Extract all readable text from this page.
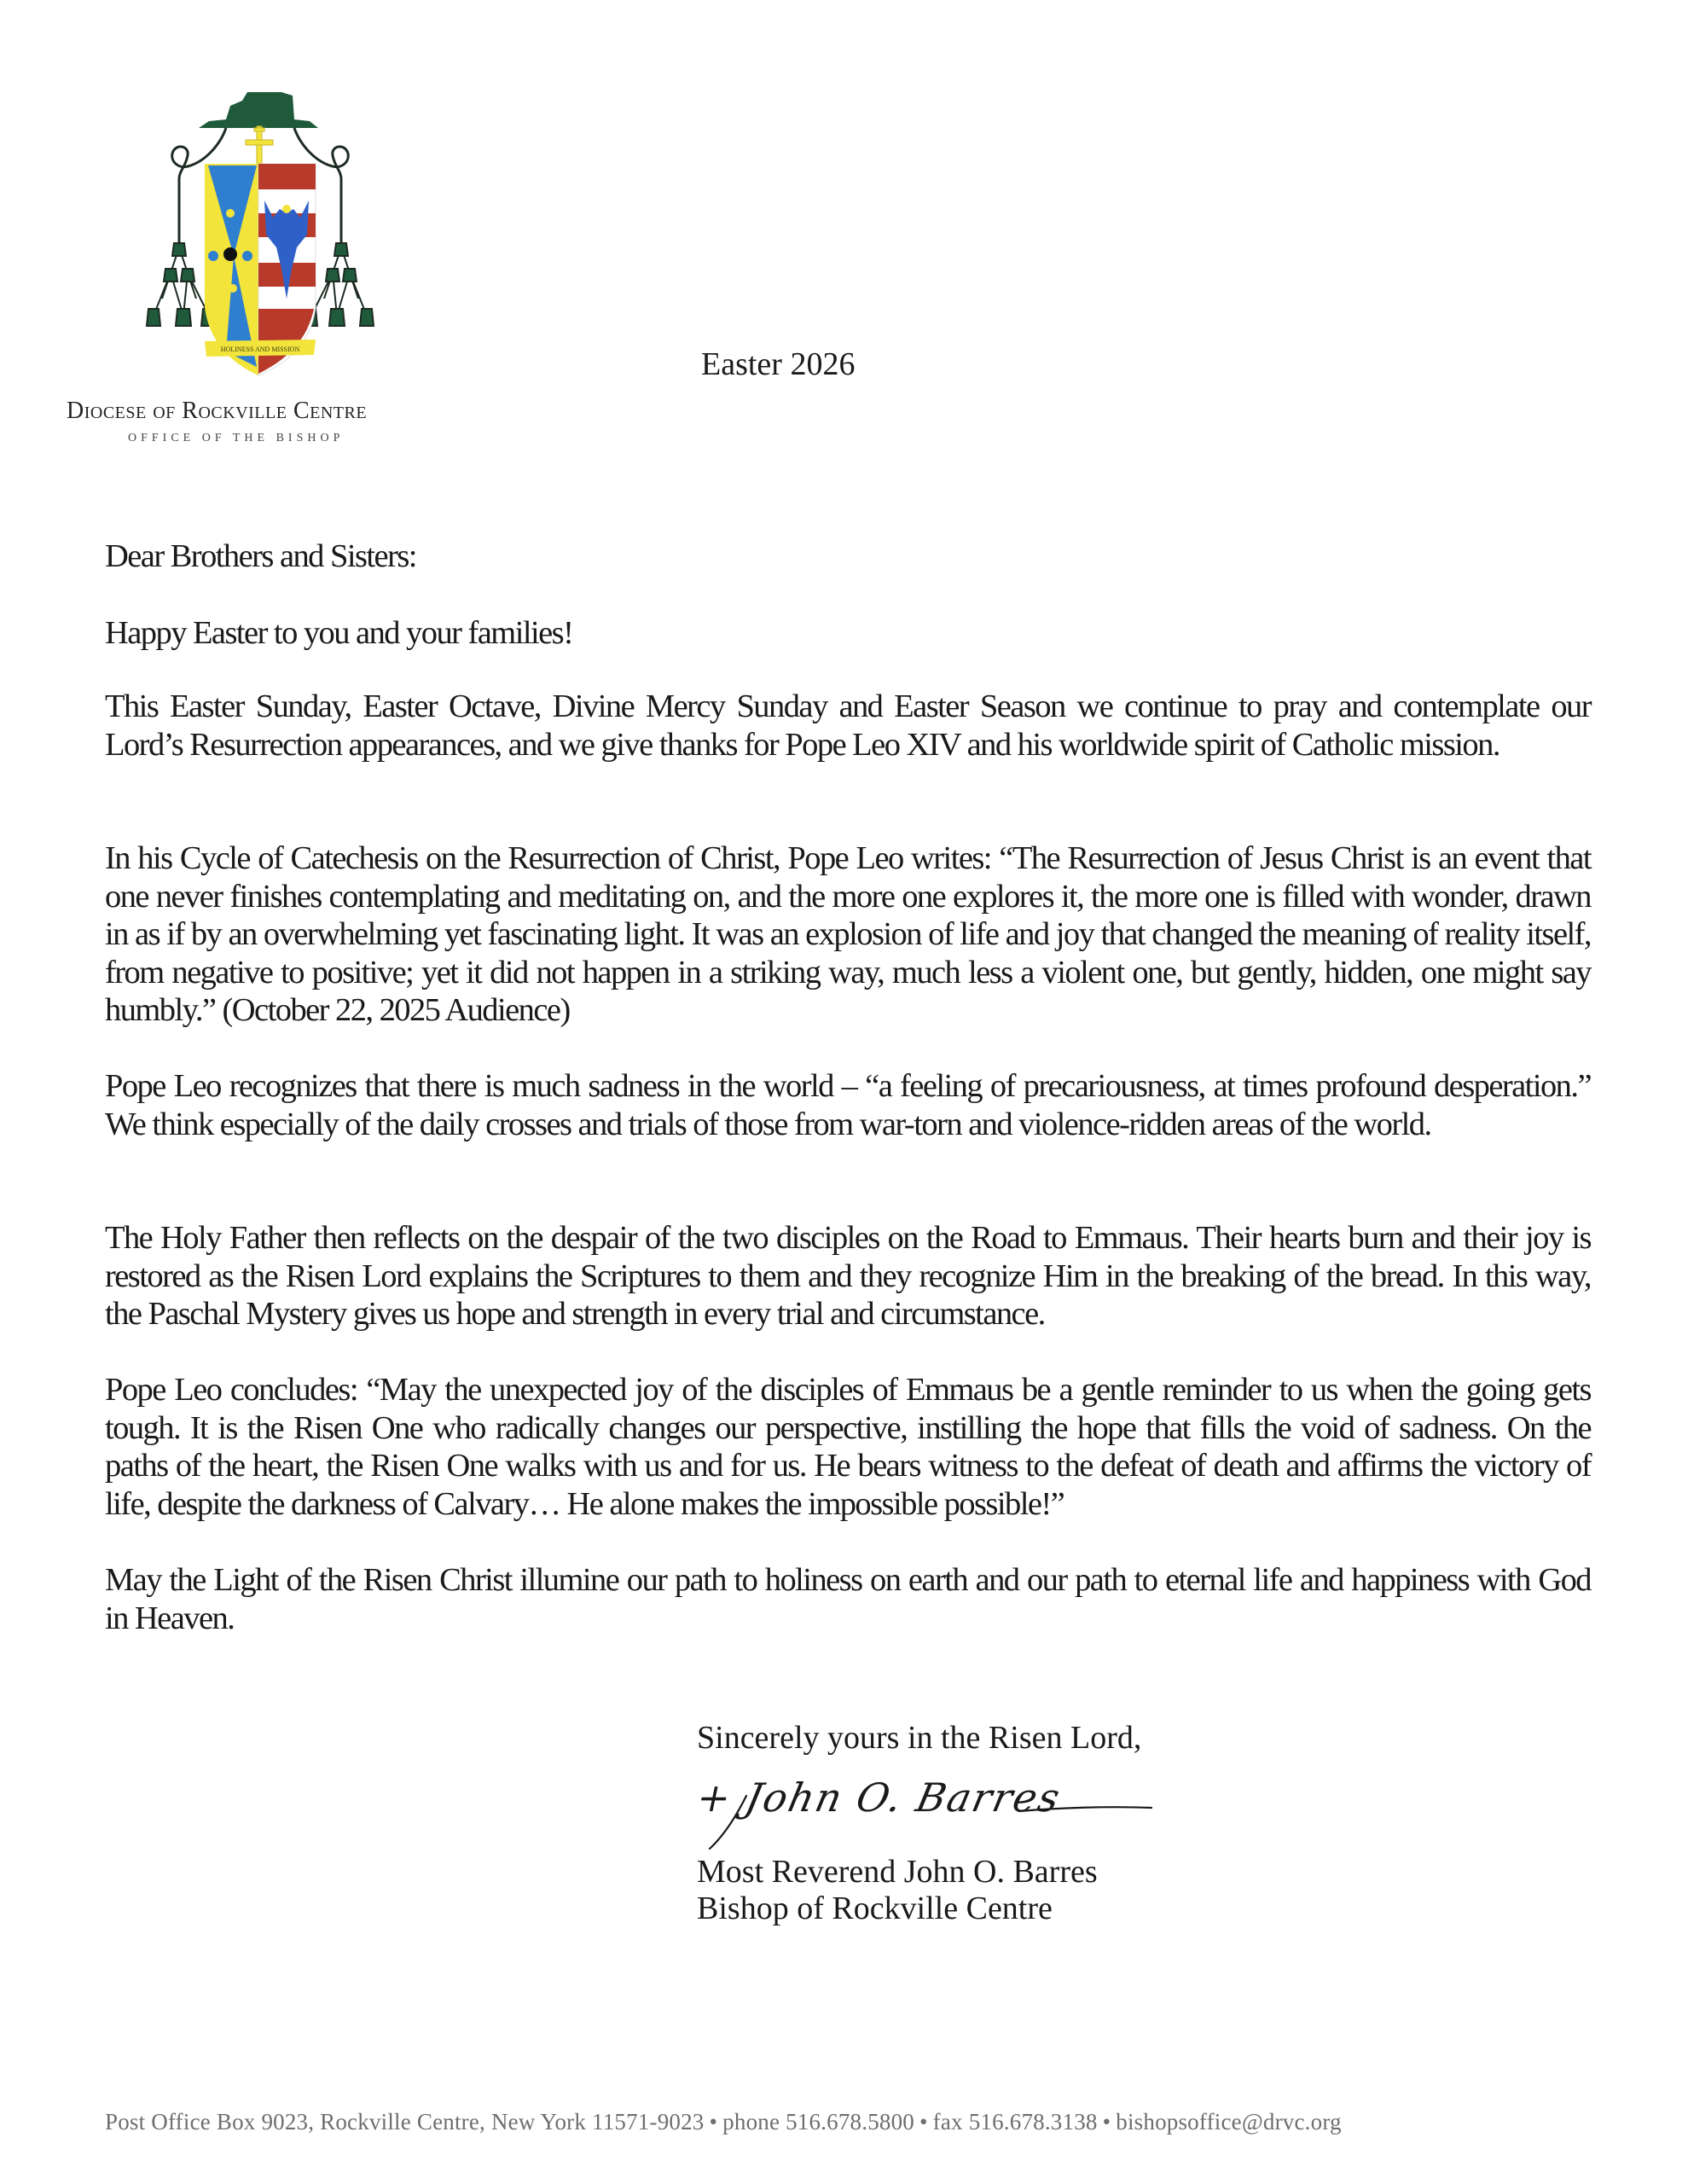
HOLINESS AND MISSION
Diocese of Rockville Centre
OFFICE OF THE BISHOP
Easter 2026

Dear Brothers and Sisters:

Happy Easter to you and your families!

This Easter Sunday, Easter Octave, Divine Mercy Sunday and Easter Season we continue to pray and contemplate our Lord’s Resurrection appearances, and we give thanks for Pope Leo XIV and his worldwide spirit of Catholic mission.

In his Cycle of Catechesis on the Resurrection of Christ, Pope Leo writes: “The Resurrection of Jesus Christ is an event that one never finishes contemplating and meditating on, and the more one explores it, the more one is filled with wonder, drawn in as if by an overwhelming yet fascinating light. It was an explosion of life and joy that changed the meaning of reality itself, from negative to positive; yet it did not happen in a striking way, much less a violent one, but gently, hidden, one might say humbly.” (October 22, 2025 Audience)

Pope Leo recognizes that there is much sadness in the world – “a feeling of precariousness, at times profound desperation.” We think especially of the daily crosses and trials of those from war-torn and violence-ridden areas of the world.

The Holy Father then reflects on the despair of the two disciples on the Road to Emmaus. Their hearts burn and their joy is restored as the Risen Lord explains the Scriptures to them and they recognize Him in the breaking of the bread. In this way, the Paschal Mystery gives us hope and strength in every trial and circumstance.

Pope Leo concludes: “May the unexpected joy of the disciples of Emmaus be a gentle reminder to us when the going gets tough. It is the Risen One who radically changes our perspective, instilling the hope that fills the void of sadness. On the paths of the heart, the Risen One walks with us and for us. He bears witness to the defeat of death and affirms the victory of life, despite the darkness of Calvary… He alone makes the impossible possible!”

May the Light of the Risen Christ illumine our path to holiness on earth and our path to eternal life and happiness with God in Heaven.

Sincerely yours in the Risen Lord,
+ John O. Barres
Most Reverend John O. Barres
Bishop of Rockville Centre
Post Office Box 9023, Rockville Centre, New York 11571-9023 • phone 516.678.5800 • fax 516.678.3138 • bishopsoffice@drvc.org
